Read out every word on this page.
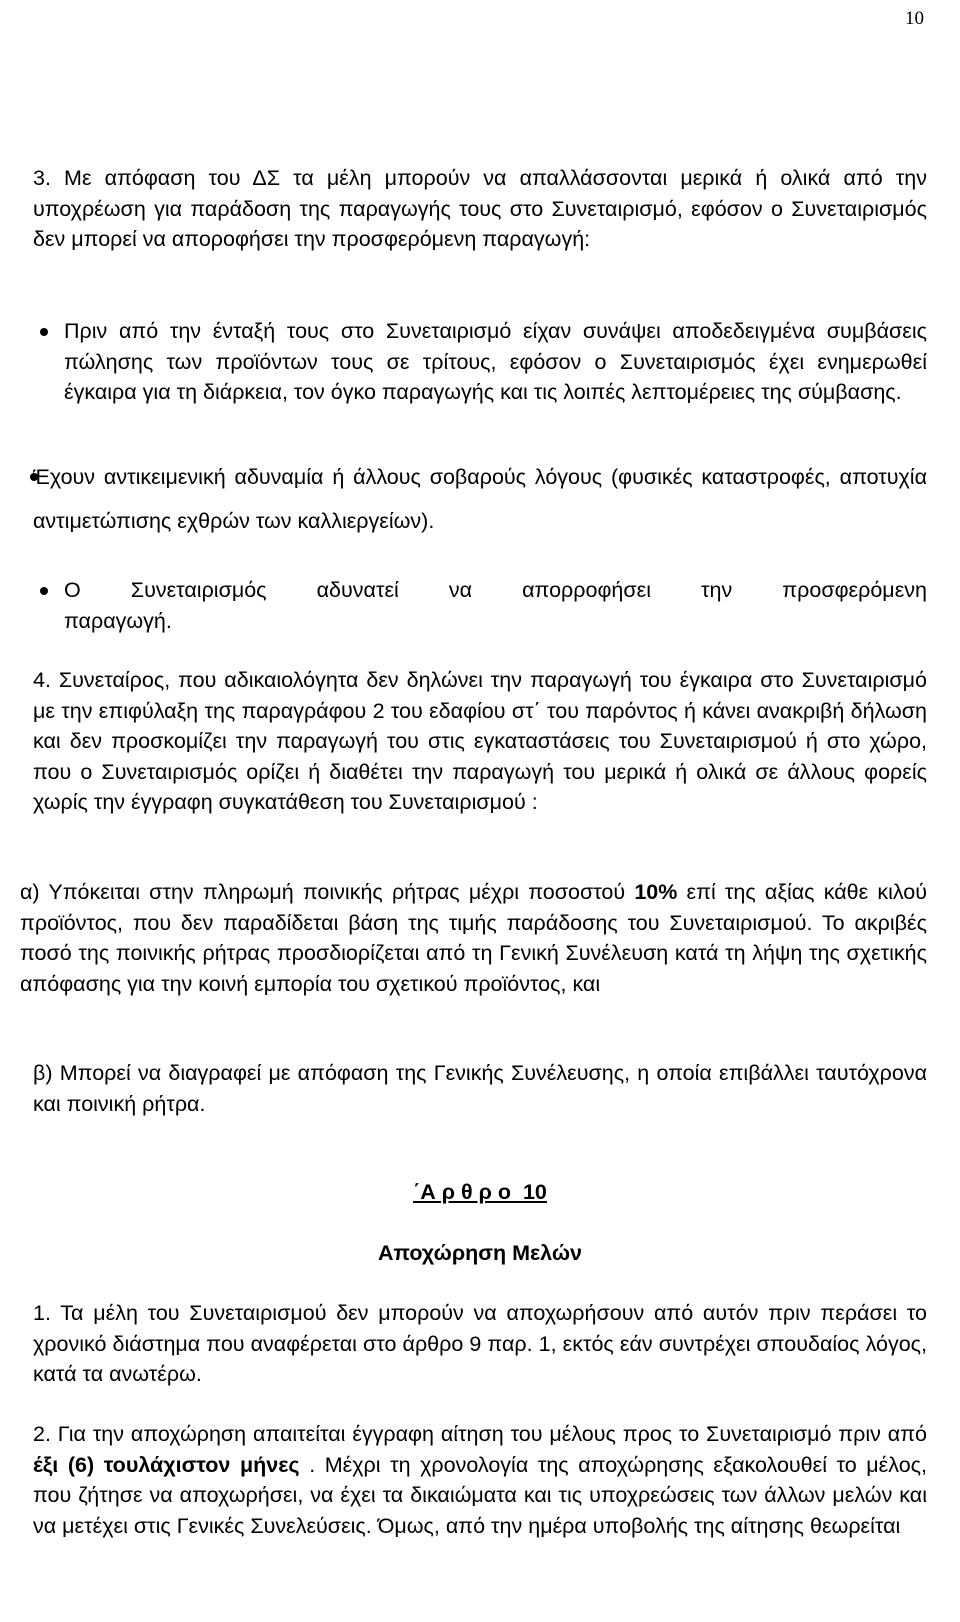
10
3. Με απόφαση του ΔΣ τα μέλη μπορούν να απαλλάσσονται μερικά ή ολικά από την υποχρέωση για παράδοση της παραγωγής τους στο Συνεταιρισμό, εφόσον ο Συνεταιρισμός δεν μπορεί να αποροφήσει την προσφερόμενη παραγωγή:
Πριν από την ένταξή τους στο Συνεταιρισμό είχαν συνάψει αποδεδειγμένα συμβάσεις πώλησης των προϊόντων τους σε τρίτους, εφόσον ο Συνεταιρισμός έχει ενημερωθεί έγκαιρα για τη διάρκεια, τον όγκο παραγωγής και τις λοιπές λεπτομέρειες της σύμβασης.
Έχουν αντικειμενική αδυναμία ή άλλους σοβαρούς λόγους (φυσικές καταστροφές, αποτυχία αντιμετώπισης εχθρών των καλλιεργείων).
Ο Συνεταιρισμός αδυνατεί να απορροφήσει την προσφερόμενη παραγωγή.
4. Συνεταίρος, που αδικαιολόγητα δεν δηλώνει την παραγωγή του έγκαιρα στο Συνεταιρισμό με την επιφύλαξη της παραγράφου 2 του εδαφίου στ΄ του παρόντος ή κάνει ανακριβή δήλωση και δεν προσκομίζει την παραγωγή του στις εγκαταστάσεις του Συνεταιρισμού ή στο χώρο, που ο Συνεταιρισμός ορίζει ή διαθέτει την παραγωγή του μερικά ή ολικά σε άλλους φορείς χωρίς την έγγραφη συγκατάθεση του Συνεταιρισμού :
α) Υπόκειται στην πληρωμή ποινικής ρήτρας μέχρι ποσοστού 10% επί της αξίας κάθε κιλού προϊόντος, που δεν παραδίδεται βάση της τιμής παράδοσης του Συνεταιρισμού. Το ακριβές ποσό της ποινικής ρήτρας προσδιορίζεται από τη Γενική Συνέλευση κατά τη λήψη της σχετικής απόφασης για την κοινή εμπορία του σχετικού προϊόντος, και
β) Μπορεί να διαγραφεί με απόφαση της Γενικής Συνέλευσης, η οποία επιβάλλει ταυτόχρονα και ποινική ρήτρα.
΄Α ρ θ ρ ο  10
Αποχώρηση Μελών
1. Τα μέλη του Συνεταιρισμού δεν μπορούν να αποχωρήσουν από αυτόν πριν περάσει το χρονικό διάστημα που αναφέρεται στο άρθρο 9 παρ. 1, εκτός εάν συντρέχει σπουδαίος λόγος, κατά τα ανωτέρω.
2. Για την αποχώρηση απαιτείται έγγραφη αίτηση του μέλους προς το Συνεταιρισμό πριν από έξι (6) τουλάχιστον μήνες . Μέχρι τη χρονολογία της αποχώρησης εξακολουθεί το μέλος, που ζήτησε να αποχωρήσει, να έχει τα δικαιώματα και τις υποχρεώσεις των άλλων μελών και να μετέχει στις Γενικές Συνελεύσεις. Όμως, από την ημέρα υποβολής της αίτησης θεωρείται
